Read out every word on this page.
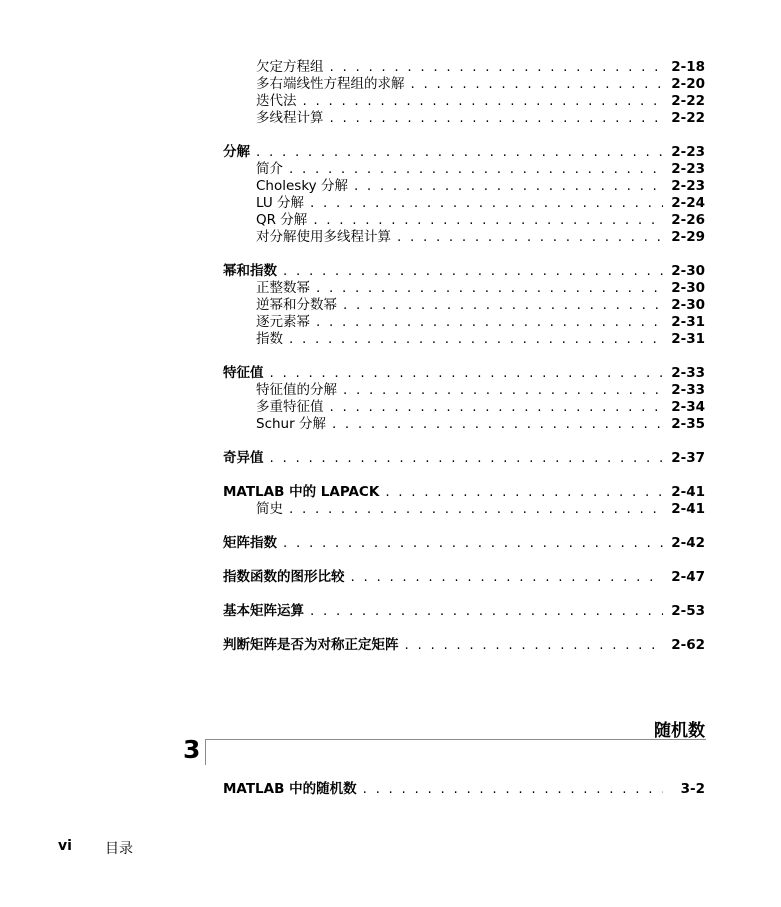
欠定方程组 . . .	2-18
多右端线性方程组的求解 . . .	2-20
迭代法 . . .	2-22
多线程计算 . . .	2-22
分解 . . .	2-23
简介 . . .	2-23
Cholesky 分解 . . .	2-23
LU 分解 . . .	2-24
QR 分解 . . .	2-26
对分解使用多线程计算 . . .	2-29
幂和指数 . . .	2-30
正整数幂 . . .	2-30
逆幂和分数幂 . . .	2-30
逐元素幂 . . .	2-31
指数 . . .	2-31
特征值 . . .	2-33
特征值的分解 . . .	2-33
多重特征值 . . .	2-34
Schur 分解 . . .	2-35
奇异值 . . .	2-37
MATLAB 中的 LAPACK . . .	2-41
简史 . . .	2-41
矩阵指数 . . .	2-42
指数函数的图形比较 . . .	2-47
基本矩阵运算 . . .	2-53
判断矩阵是否为对称正定矩阵 . . .	2-62
随机数
3
MATLAB 中的随机数 . . .	3-2
vi 目录
